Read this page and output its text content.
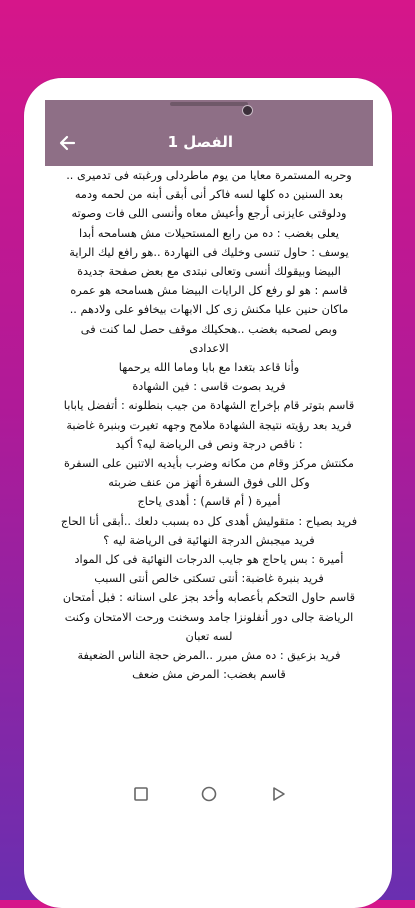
الفصل 1
وحربه المستمرة معايا من يوم ماطردلى ورغبته فى تدميرى ..
بعد السنين ده كلها لسه فاكر أنى أبقى أبنه من لحمه ودمه
ودلوقتى عايزنى أرجع وأعيش معاه وأنسى اللى فات وصوته
يعلى بغضب : ده من رابع المستحيلات مش هسامحه أبدا
يوسف : حاول تنسى وخليك فى النهاردة ..هو رافع ليك الراية
البيضا وبيقولك أنسى وتعالى نبتدى مع بعض صفحة جديدة
قاسم : هو لو رفع كل الرايات البيضا مش هسامحه هو عمره
ماكان حنين عليا مكنش زى كل الابهات بيخافو على ولادهم ..
وبص لصحبه بغضب ..هحكيلك موقف حصل لما كنت فى
الاعدادى
وأنا قاعد بتغدا مع بابا وماما الله يرحمها
فريد بصوت قاسى : فين الشهادة
قاسم بتوتر قام بإخراج الشهادة من جيب بنطلونه : أتفضل يابابا
فريد بعد رؤيته نتيجة الشهادة ملامح وجهه تغيرت وبنبرة غاضبة
: ناقص درجة ونص فى الرياضة ليه؟ أكيد
مكنتش مركز وقام من مكانه وضرب بأيديه الاتنين على السفرة
وكل اللى فوق السفرة أتهز من عنف ضربته
أميرة ( أم قاسم) : أهدى ياحاج
فريد بصياح : متقوليش أهدى كل ده بسبب دلعك ..أبقى أنا الحاج
فريد ميجبش الدرجة النهائية فى الرياضة ليه ؟
أميرة : بس ياحاج هو جايب الدرجات النهائية فى كل المواد
فريد بنبرة غاضبة: أنتى تسكتى خالص أنتى السبب
قاسم حاول التحكم بأعصابه وأخد بجز على اسنانه : فبل أمتحان
الرياضة جالى دور أنفلونزا جامد وسخنت ورحت الامتحان وكنت
لسه تعبان
فريد بزعيق : ده مش مبرر ..المرض حجة الناس الضعيفة
قاسم بغضب: المرض مش ضعف
